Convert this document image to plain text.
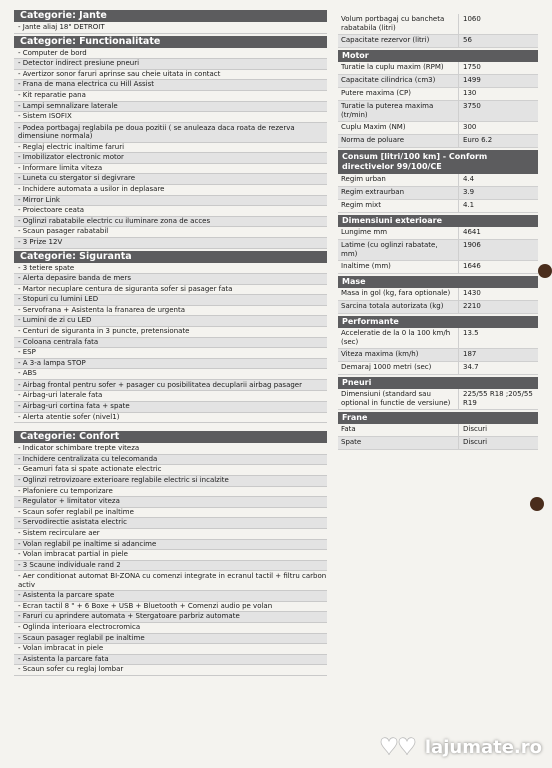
Categorie: Jante
- Jante aliaj 18" DETROIT
Categorie: Functionalitate
- Computer de bord
- Detector indirect presiune pneuri
- Avertizor sonor faruri aprinse sau cheie uitata in contact
- Frana de mana electrica cu Hill Assist
- Kit reparatie pana
- Lampi semnalizare laterale
- Sistem ISOFIX
- Podea portbagaj reglabila pe doua pozitii ( se anuleaza daca roata de rezerva dimensiune normala)
- Reglaj electric inaltime faruri
- Imobilizator electronic motor
- Informare limita viteza
- Luneta cu stergator si degivrare
- Inchidere automata a usilor in deplasare
- Mirror Link
- Proiectoare ceata
- Oglinzi rabatabile electric cu iluminare zona de acces
- Scaun pasager rabatabil
- 3 Prize 12V
Categorie: Siguranta
- 3 tetiere spate
- Alerta depasire banda de mers
- Martor necuplare centura de siguranta sofer si pasager fata
- Stopuri cu lumini LED
- Servofrana + Asistenta la franarea de urgenta
- Lumini de zi cu LED
- Centuri de siguranta in 3 puncte, pretensionate
- Coloana centrala fata
- ESP
- A 3-a lampa STOP
- ABS
- Airbag frontal pentru sofer + pasager cu posibilitatea decuplarii airbag pasager
- Airbag-uri laterale fata
- Airbag-uri cortina fata + spate
- Alerta atentie sofer (nivel1)
Categorie: Confort
- Indicator schimbare trepte viteza
- Inchidere centralizata cu telecomanda
- Geamuri fata si spate actionate electric
- Oglinzi retrovizoare exterioare reglabile electric si incalzite
- Plafoniere cu temporizare
- Regulator + limitator viteza
- Scaun sofer reglabil pe inaltime
- Servodirectie asistata electric
- Sistem recirculare aer
- Volan reglabil pe inaltime si adancime
- Volan imbracat partial in piele
- 3 Scaune individuale rand 2
- Aer conditionat automat BI-ZONA cu comenzi integrate in ecranul tactil + filtru carbon activ
- Asistenta la parcare spate
- Ecran tactil 8 " + 6 Boxe + USB + Bluetooth + Comenzi audio pe volan
- Faruri cu aprindere automata + Stergatoare parbriz automate
- Oglinda interioara electrocromica
- Scaun pasager reglabil pe inaltime
- Volan imbracat in piele
- Asistenta la parcare fata
- Scaun sofer cu reglaj lombar
Volum portbagaj cu bancheta rabatabila (litri)
1060
Capacitate rezervor (litri)	56
Motor
Turatie la cuplu maxim (RPM)	1750
Capacitate cilindrica (cm3)	1499
Putere maxima (CP)	130
Turatie la puterea maxima (tr/min)
3750
Cuplu Maxim (NM)	300
Norma de poluare	Euro 6.2
Consum [litri/100 km] - Conform directivelor 99/100/CE
Regim urban	4.4
Regim extraurban	3.9
Regim mixt	4.1
Dimensiuni exterioare
Lungime mm	4641
Latime (cu oglinzi rabatate, mm)
1906
Inaltime (mm)	1646
Mase
Masa in gol (kg, fara optionale)	1430
Sarcina totala autorizata (kg)	2210
Performante
Acceleratie de la 0 la 100 km/h (sec)
13.5
Viteza maxima (km/h)	187
Demaraj 1000 metri (sec)	34.7
Pneuri
Dimensiuni (standard sau optional in functie de versiune)
225/55 R18 ;205/55 R19
Frane
Fata	Discuri
Spate	Discuri
lajumate.ro
